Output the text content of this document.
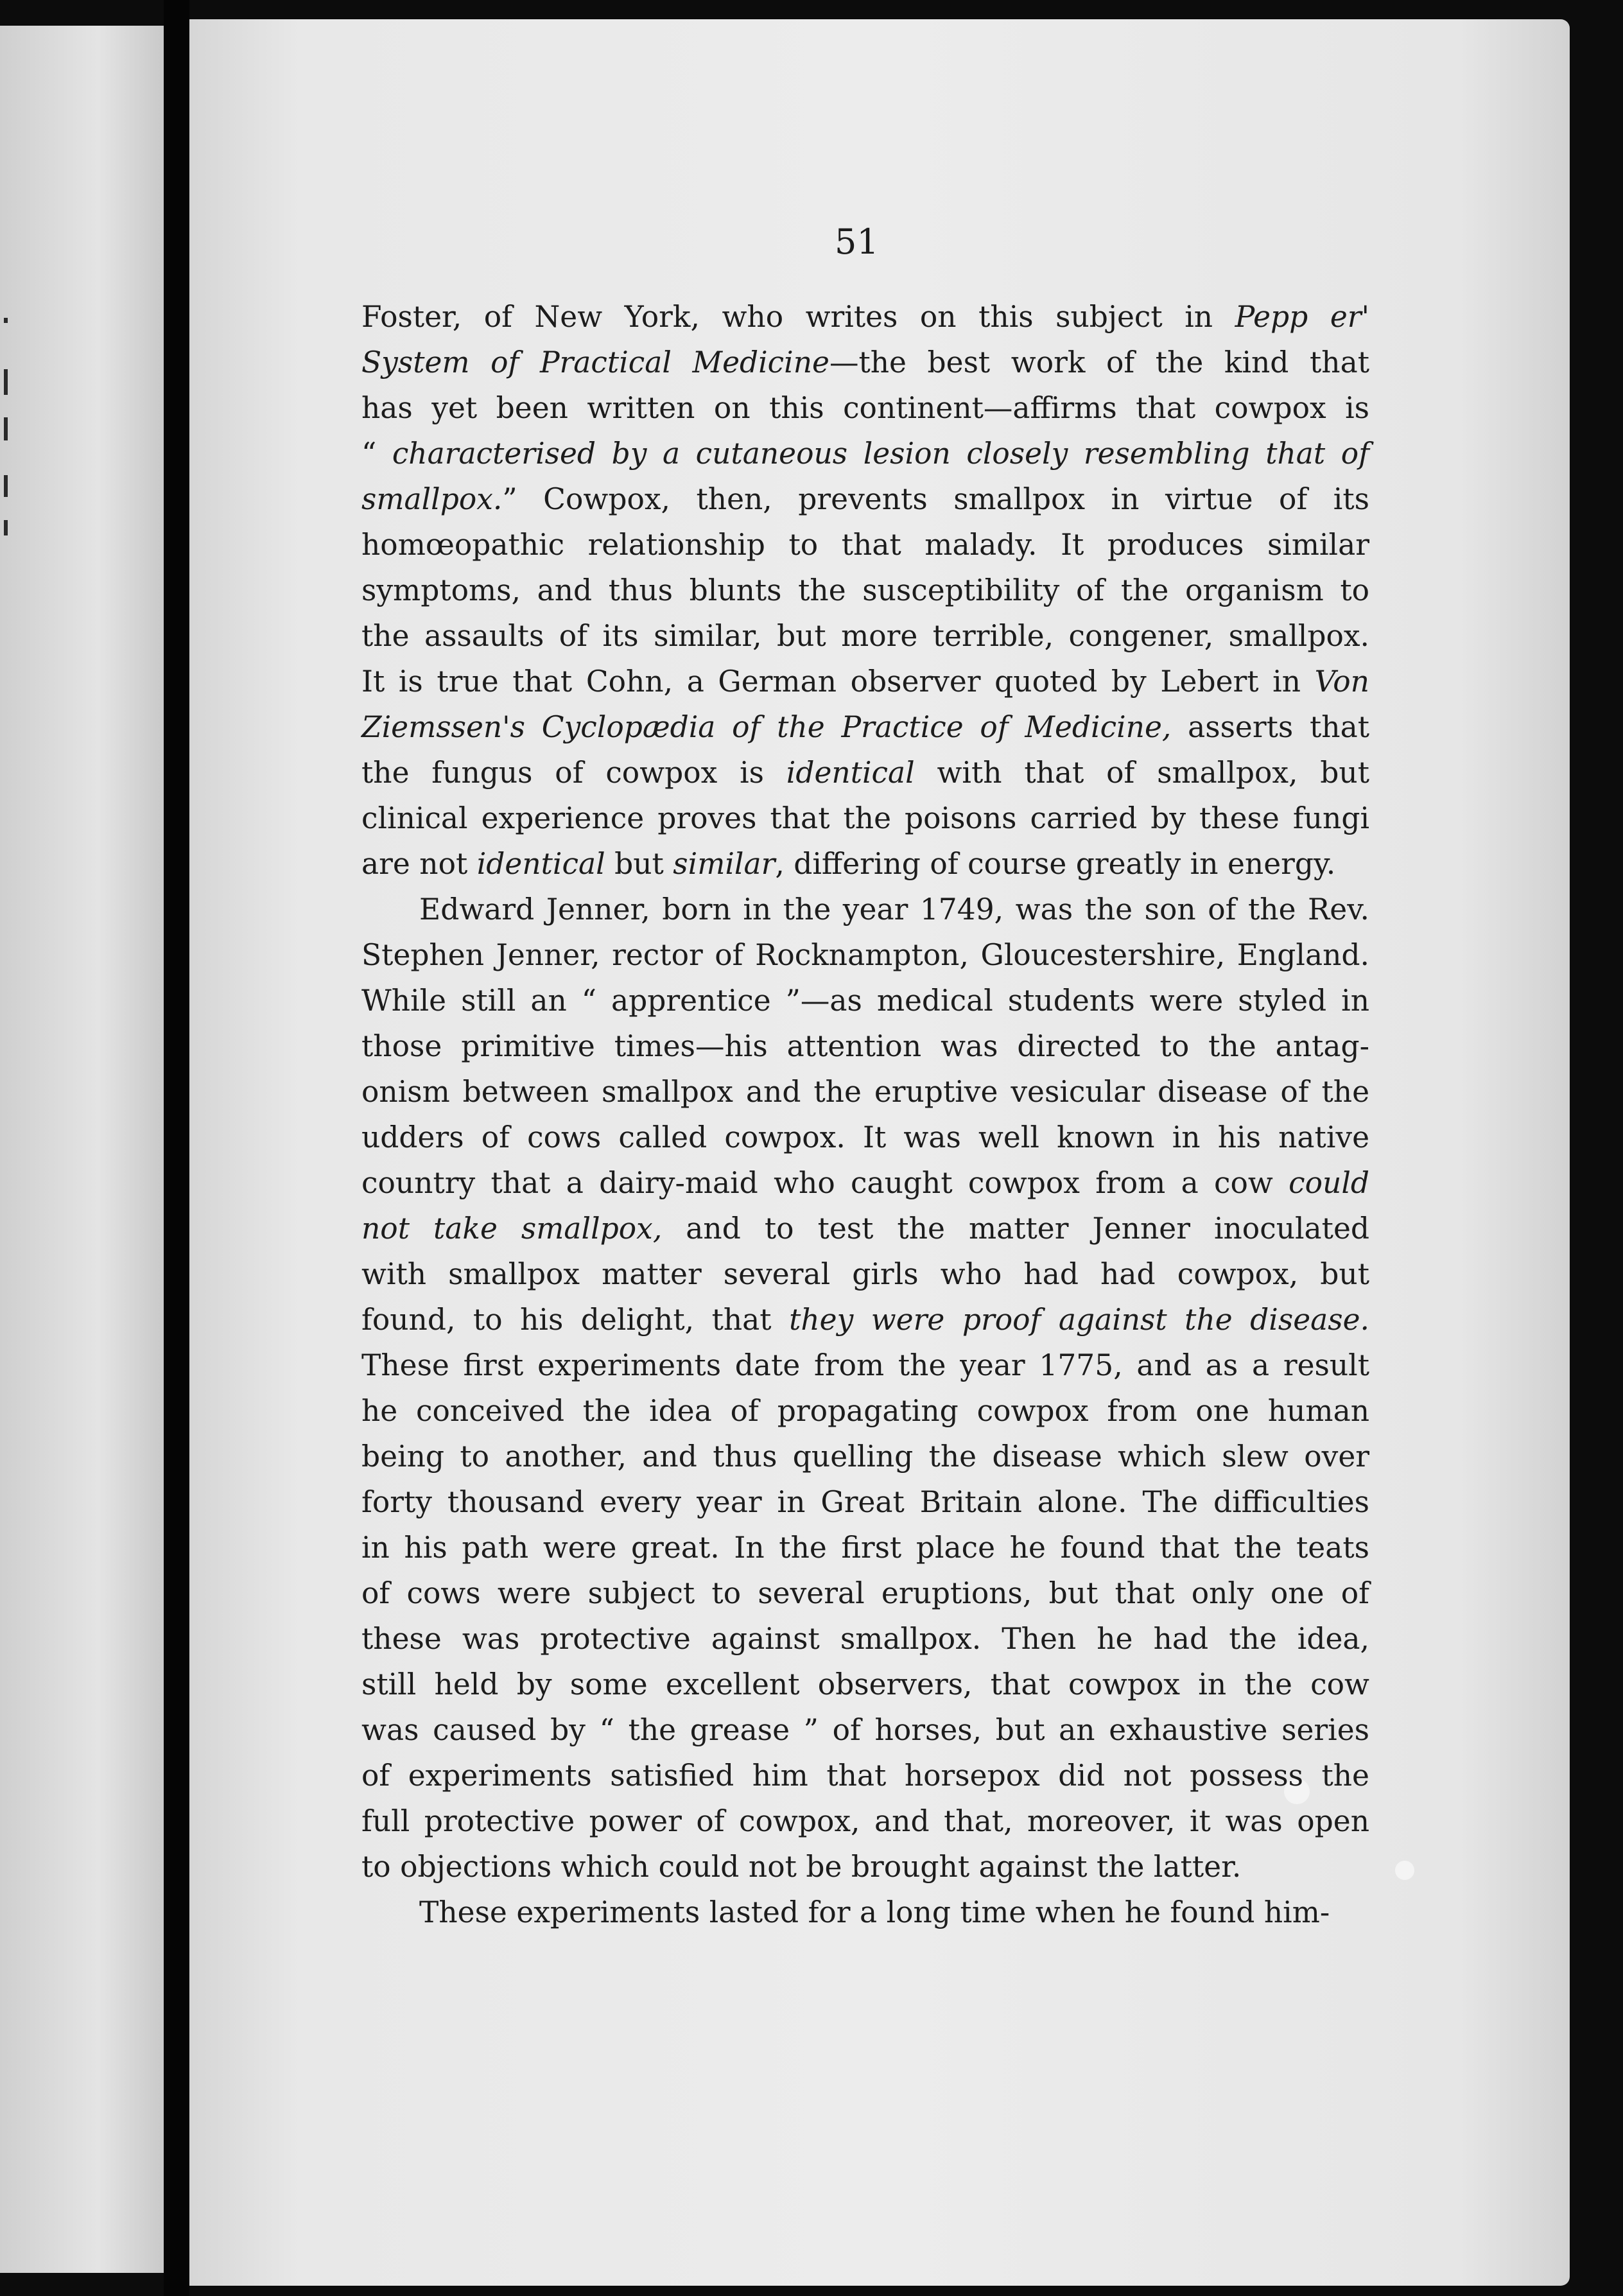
51
Foster, of New York, who writes on this subject in Pepp er'
System of Practical Medicine—the best work of the kind that
has yet been written on this continent—affirms that cowpox is
“ characterised by a cutaneous lesion closely resembling that of
smallpox.” Cowpox, then, prevents smallpox in virtue of its
homœopathic relationship to that malady. It produces similar
symptoms, and thus blunts the susceptibility of the organism to
the assaults of its similar, but more terrible, congener, smallpox.
It is true that Cohn, a German observer quoted by Lebert in Von
Ziemssen's Cyclopædia of the Practice of Medicine, asserts that
the fungus of cowpox is identical with that of smallpox, but
clinical experience proves that the poisons carried by these fungi
are not identical but similar, differing of course greatly in energy.
Edward Jenner, born in the year 1749, was the son of the Rev.
Stephen Jenner, rector of Rocknampton, Gloucestershire, England.
While still an “ apprentice ”—as medical students were styled in
those primitive times—his attention was directed to the antag-
onism between smallpox and the eruptive vesicular disease of the
udders of cows called cowpox. It was well known in his native
country that a dairy-maid who caught cowpox from a cow could
not take smallpox, and to test the matter Jenner inoculated
with smallpox matter several girls who had had cowpox, but
found, to his delight, that they were proof against the disease.
These first experiments date from the year 1775, and as a result
he conceived the idea of propagating cowpox from one human
being to another, and thus quelling the disease which slew over
forty thousand every year in Great Britain alone. The difficulties
in his path were great. In the first place he found that the teats
of cows were subject to several eruptions, but that only one of
these was protective against smallpox. Then he had the idea,
still held by some excellent observers, that cowpox in the cow
was caused by “ the grease ” of horses, but an exhaustive series
of experiments satisfied him that horsepox did not possess the
full protective power of cowpox, and that, moreover, it was open
to objections which could not be brought against the latter.
These experiments lasted for a long time when he found him-
